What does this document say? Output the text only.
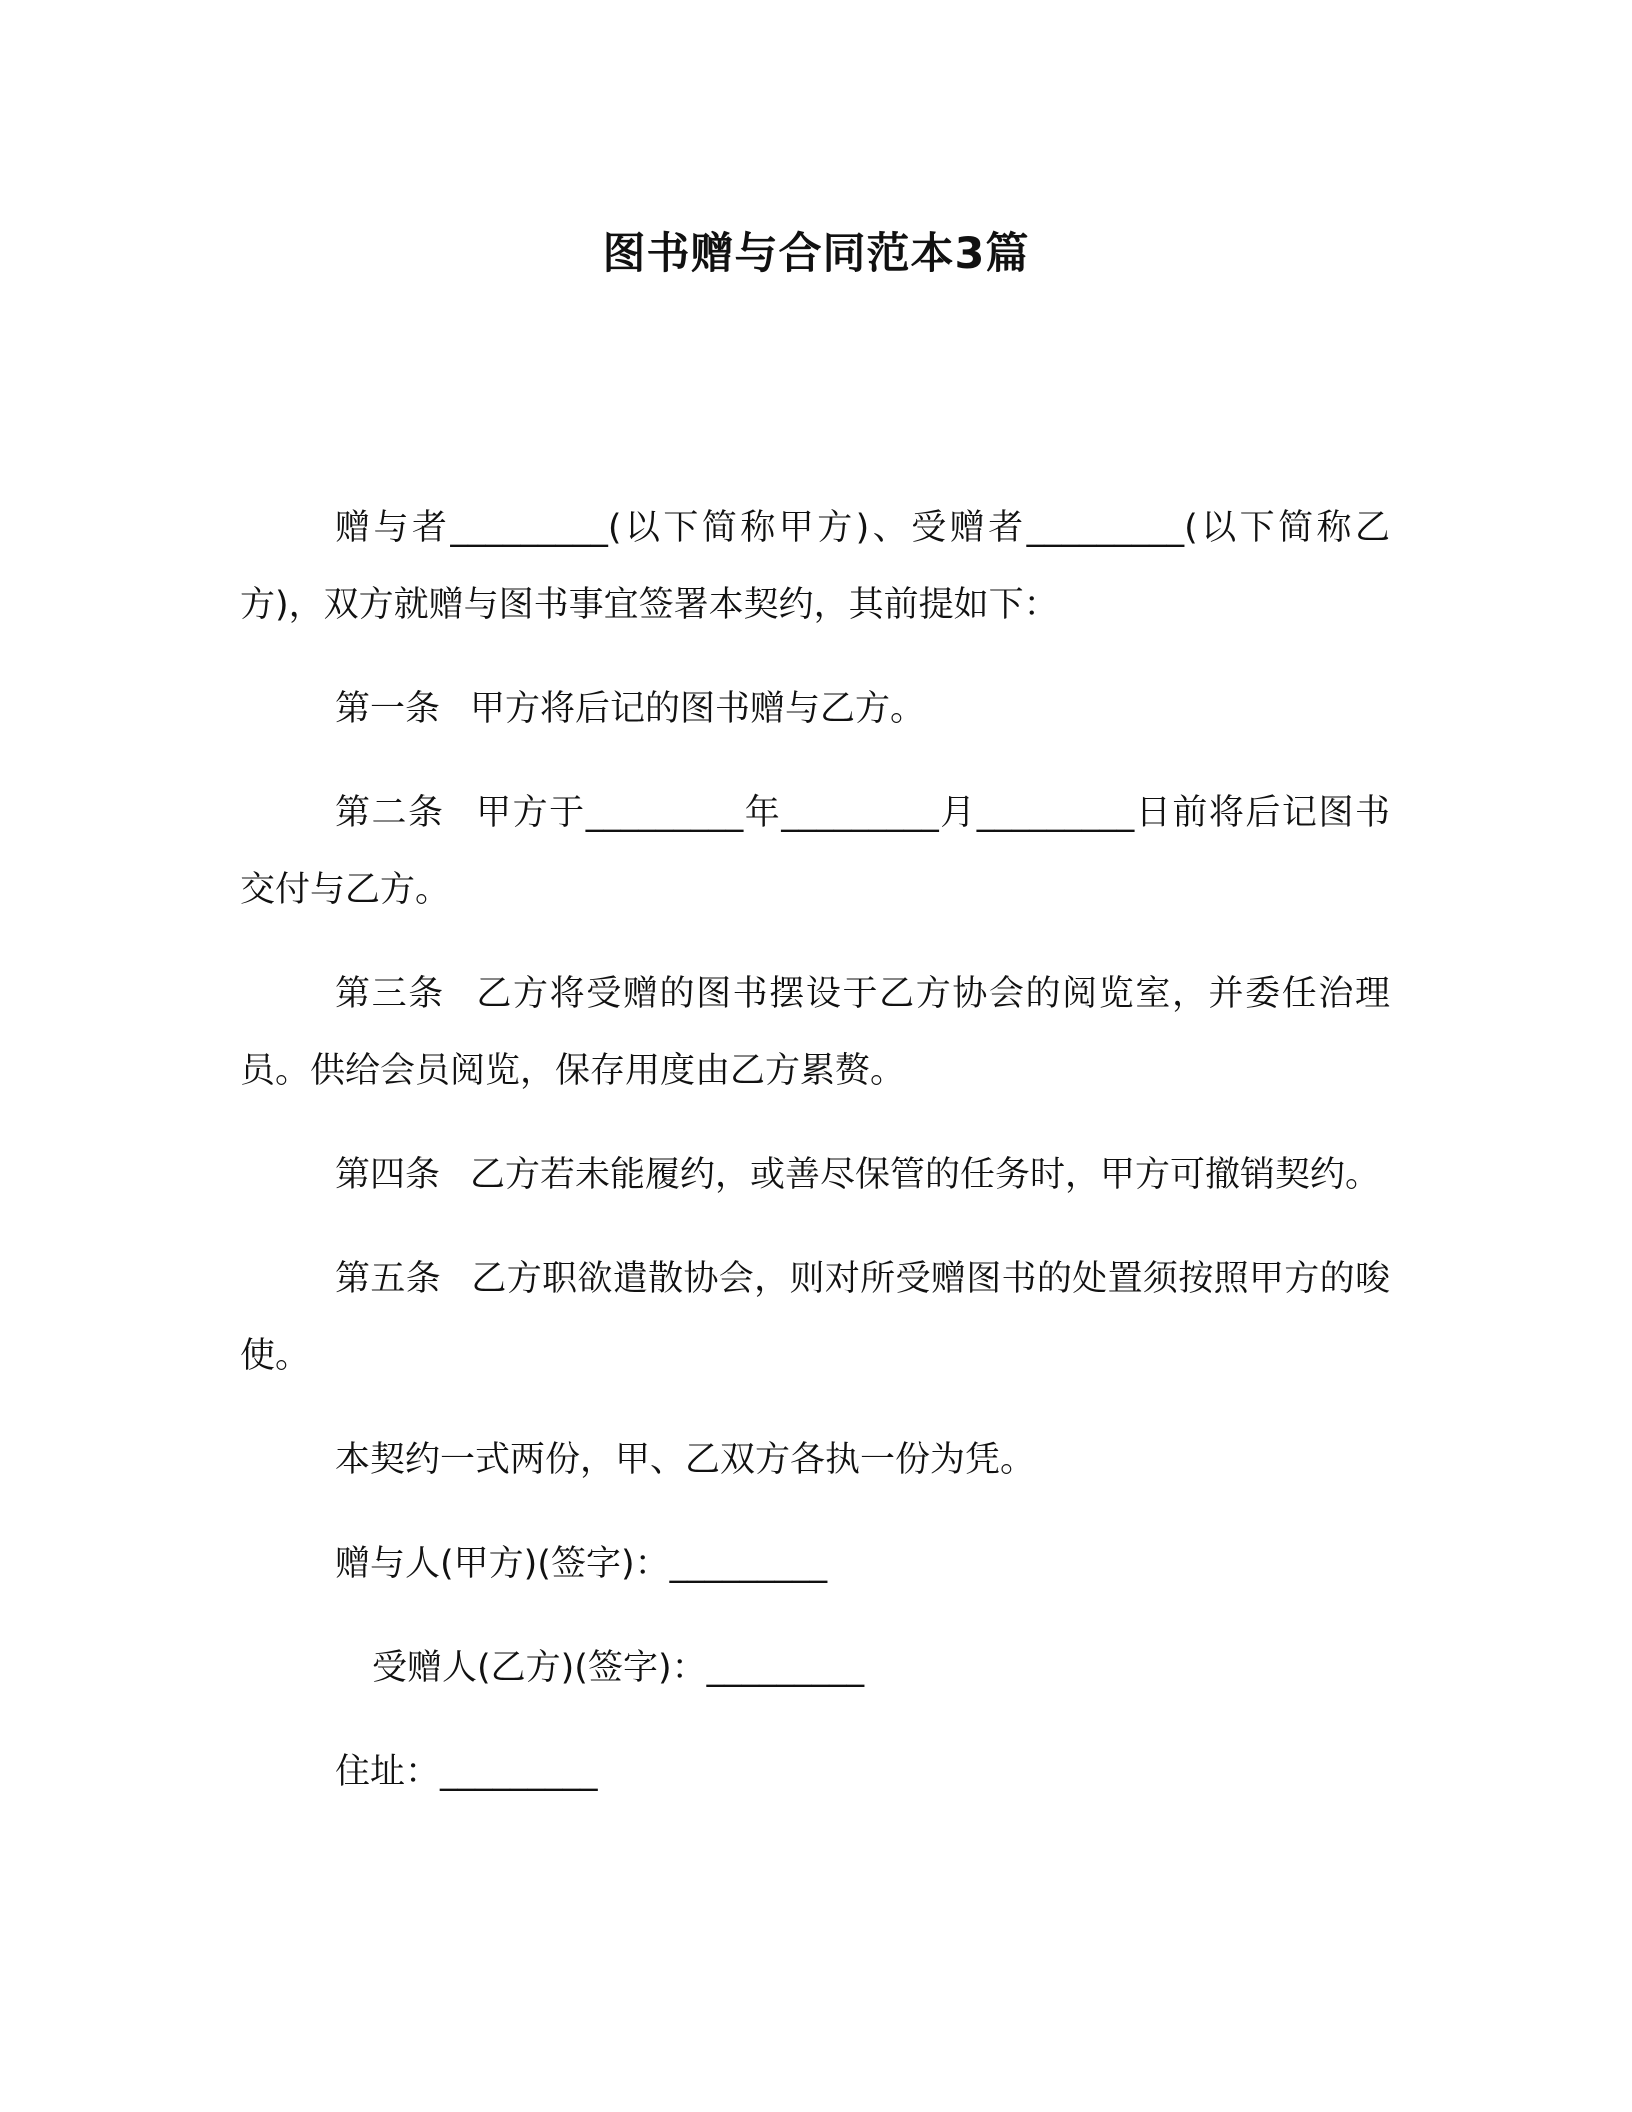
图书赠与合同范本3篇

赠与者_________(以下简称甲方)、受赠者_________(以下简称乙方)，双方就赠与图书事宜签署本契约，其前提如下：

第一条 甲方将后记的图书赠与乙方。

第二条 甲方于_________年_________月_________日前将后记图书交付与乙方。

第三条 乙方将受赠的图书摆设于乙方协会的阅览室，并委任治理员。供给会员阅览，保存用度由乙方累赘。

第四条 乙方若未能履约，或善尽保管的任务时，甲方可撤销契约。

第五条 乙方职欲遣散协会，则对所受赠图书的处置须按照甲方的唆使。

本契约一式两份，甲、乙双方各执一份为凭。

赠与人(甲方)(签字)：_________

受赠人(乙方)(签字)：_________

住址：_________
